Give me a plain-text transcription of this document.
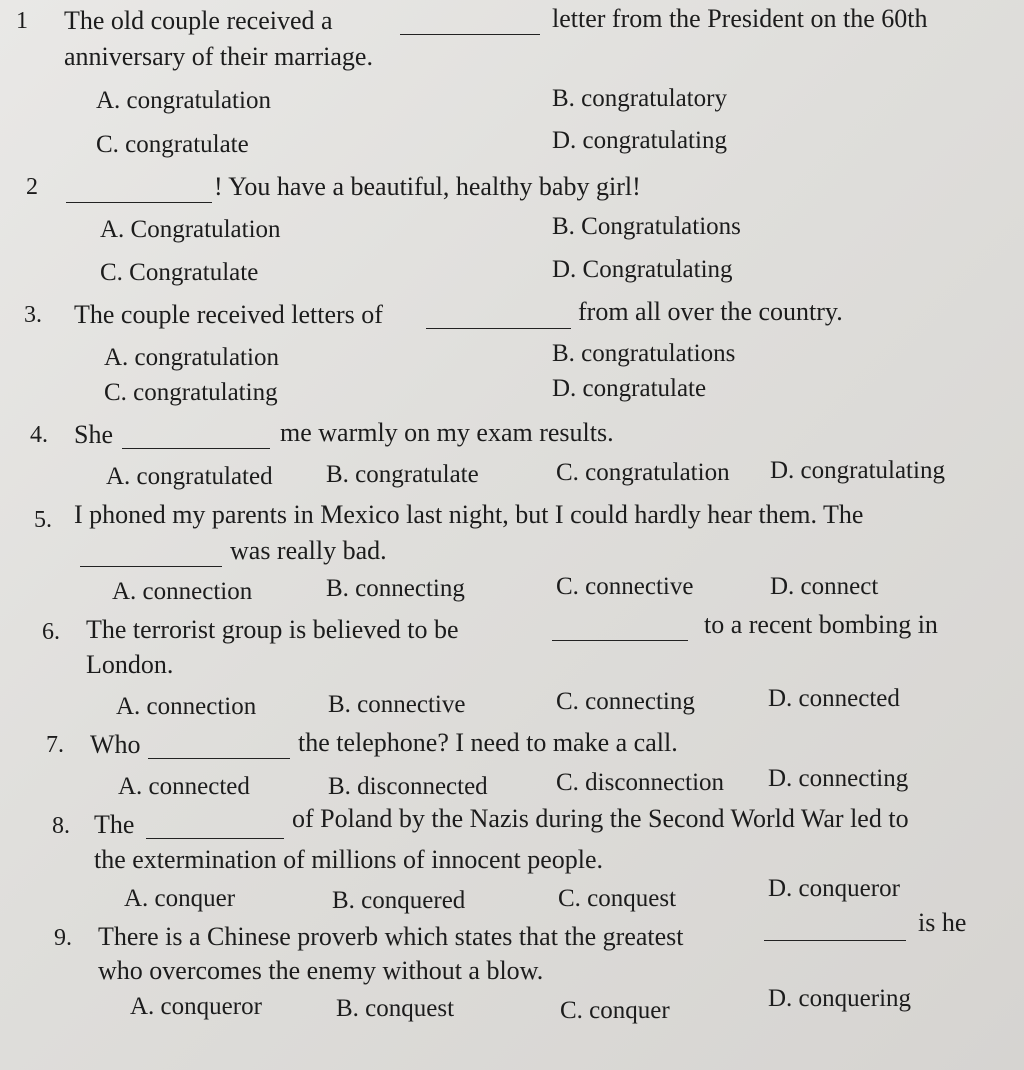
1 The old couple received a	letter from the President on the 60th
anniversary of their marriage.
A. congratulation	B. congratulatory
C. congratulate	D. congratulating
2	! You have a beautiful, healthy baby girl!
A. Congratulation	B. Congratulations
C. Congratulate	D. Congratulating
3. The couple received letters of	from all over the country.
A. congratulation	B. congratulations
C. congratulating	D. congratulate
4. She	me warmly on my exam results.
A. congratulated B. congratulate	C. congratulation D. congratulating
5. I phoned my parents in Mexico last night, but I could hardly hear them. The
was really bad.
A. connection	B. connecting	C. connective	D. connect
6. The terrorist group is believed to be	to a recent bombing in
London.
A. connection	B. connective	C. connecting	D. connected
7. Who	the telephone? I need to make a call.
A. connected	B. disconnected	C. disconnection D. connecting
8. The	of Poland by the Nazis during the Second World War led to
the extermination of millions of innocent people.
A. conquer	B. conquered	C. conquest	D. conqueror
9. There is a Chinese proverb which states that the greatest	is he
who overcomes the enemy without a blow.
A. conqueror	B. conquest	C. conquer	D. conquering
